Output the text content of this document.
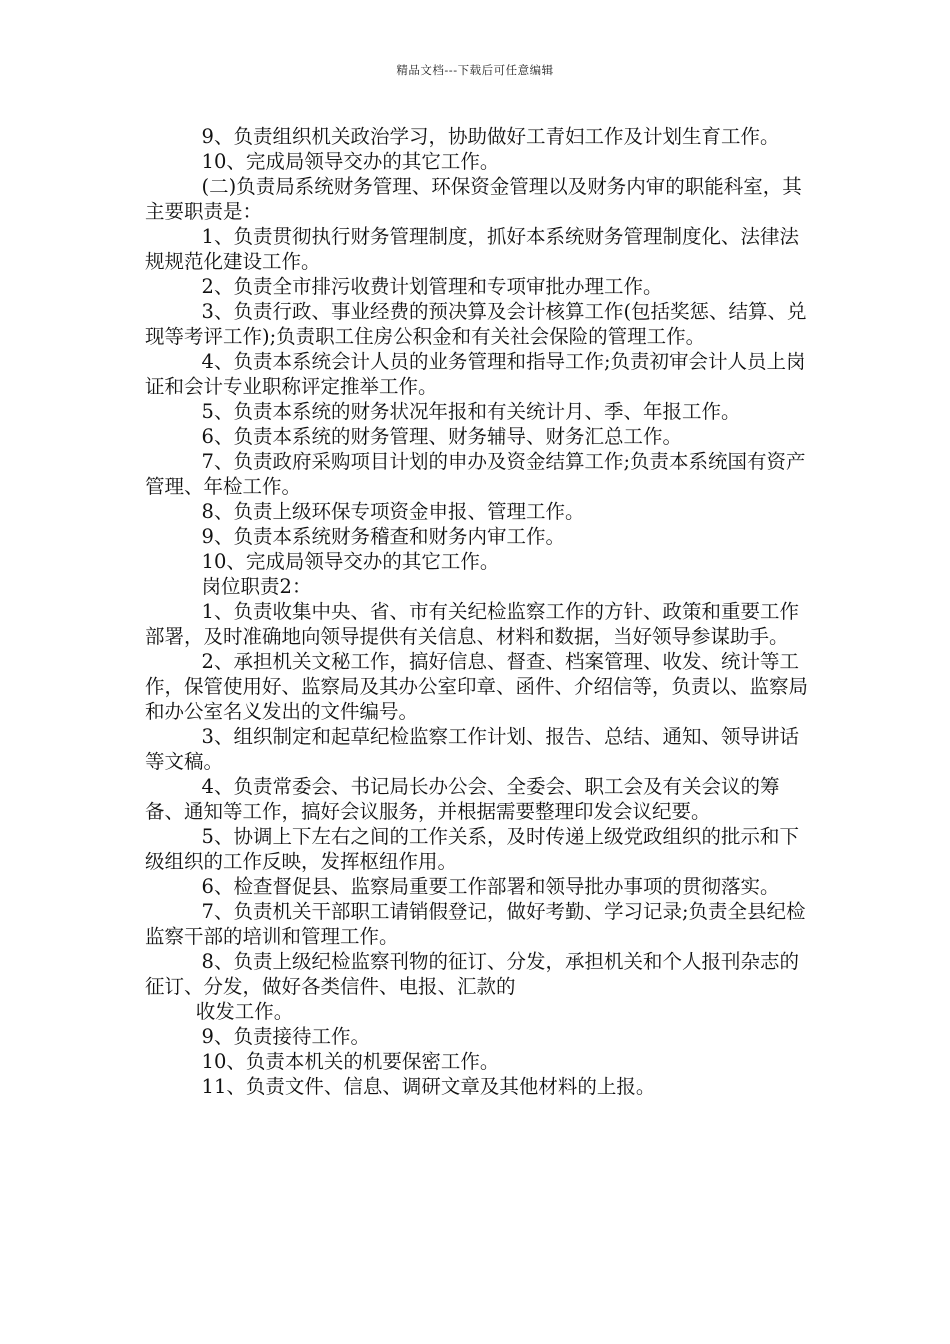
精品文档---下载后可任意编辑

9、负责组织机关政治学习，协助做好工青妇工作及计划生育工作。

10、完成局领导交办的其它工作。

(二)负责局系统财务管理、环保资金管理以及财务内审的职能科室，其主要职责是：

1、负责贯彻执行财务管理制度，抓好本系统财务管理制度化、法律法规规范化建设工作。

2、负责全市排污收费计划管理和专项审批办理工作。

3、负责行政、事业经费的预决算及会计核算工作(包括奖惩、结算、兑现等考评工作);负责职工住房公积金和有关社会保险的管理工作。

4、负责本系统会计人员的业务管理和指导工作;负责初审会计人员上岗证和会计专业职称评定推举工作。

5、负责本系统的财务状况年报和有关统计月、季、年报工作。

6、负责本系统的财务管理、财务辅导、财务汇总工作。

7、负责政府采购项目计划的申办及资金结算工作;负责本系统国有资产管理、年检工作。

8、负责上级环保专项资金申报、管理工作。

9、负责本系统财务稽查和财务内审工作。

10、完成局领导交办的其它工作。

岗位职责2：

1、负责收集中央、省、市有关纪检监察工作的方针、政策和重要工作部署，及时准确地向领导提供有关信息、材料和数据，当好领导参谋助手。

2、承担机关文秘工作，搞好信息、督查、档案管理、收发、统计等工作，保管使用好、监察局及其办公室印章、函件、介绍信等，负责以、监察局和办公室名义发出的文件编号。

3、组织制定和起草纪检监察工作计划、报告、总结、通知、领导讲话等文稿。

4、负责常委会、书记局长办公会、全委会、职工会及有关会议的筹备、通知等工作，搞好会议服务，并根据需要整理印发会议纪要。

5、协调上下左右之间的工作关系，及时传递上级党政组织的批示和下级组织的工作反映，发挥枢纽作用。

6、检查督促县、监察局重要工作部署和领导批办事项的贯彻落实。

7、负责机关干部职工请销假登记，做好考勤、学习记录;负责全县纪检监察干部的培训和管理工作。

8、负责上级纪检监察刊物的征订、分发，承担机关和个人报刊杂志的征订、分发，做好各类信件、电报、汇款的

收发工作。

9、负责接待工作。

10、负责本机关的机要保密工作。

11、负责文件、信息、调研文章及其他材料的上报。
